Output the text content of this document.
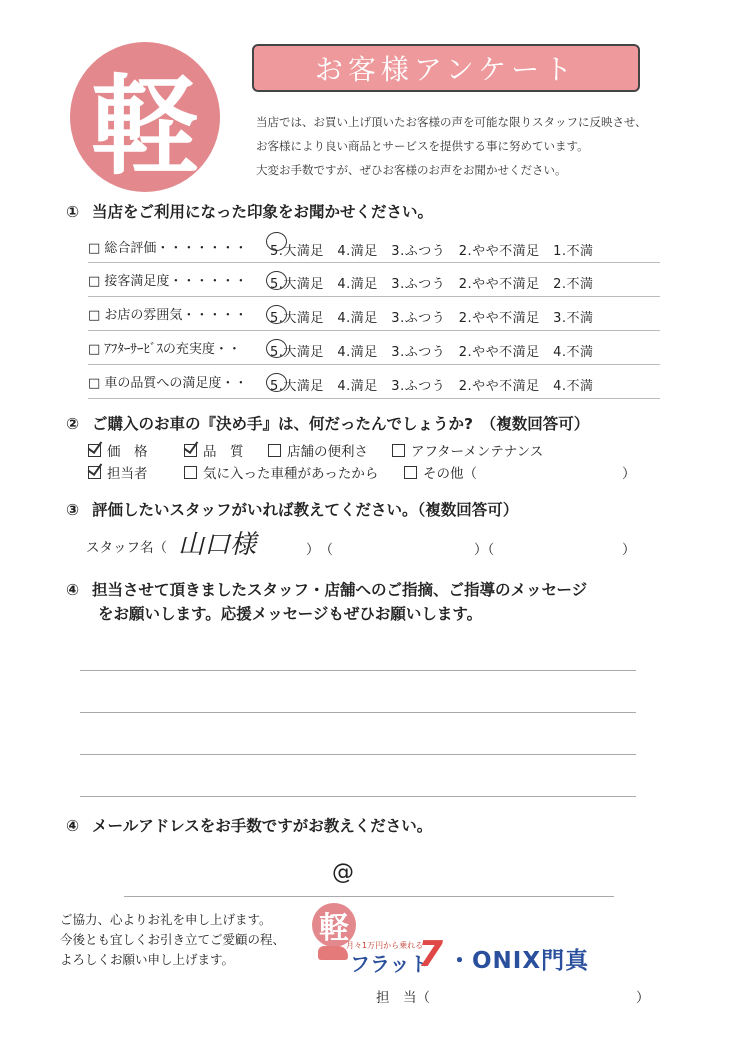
軽	お客様アンケート
当店では、お買い上げ頂いたお客様の声を可能な限りスタッフに反映させ、
お客様により良い商品とサービスを提供する事に努めています。
大変お手数ですが、ぜひお客様のお声をお聞かせください。
① 当店をご利用になった印象をお聞かせください。
□ 総合評価・・・・・・・ 5.大満足　4.満足　3.ふつう　2.やや不満足　1.不満
□ 接客満足度・・・・・・ 5.大満足　4.満足　3.ふつう　2.やや不満足　2.不満
□ お店の雰囲気・・・・・ 5.大満足　4.満足　3.ふつう　2.やや不満足　3.不満
□ ｱﾌﾀｰｻｰﾋﾞｽの充実度・・ 5.大満足　4.満足　3.ふつう　2.やや不満足　4.不満
□ 車の品質への満足度・・ 5.大満足　4.満足　3.ふつう　2.やや不満足　4.不満
② ご購入のお車の『決め手』は、何だったんでしょうか?　（複数回答可）
価　格	品　質	店舗の便利さ	アフターメンテナンス
担当者	気に入った車種があったから	その他（	）
③ 評価したいスタッフがいれば教えてください。（複数回答可）
スタッフ名（ 山口様	）　（	）（	）
④ 担当させて頂きましたスタッフ・店舗へのご指摘、ご指導のメッセージ
をお願いします。応援メッセージもぜひお願いします。
④ メールアドレスをお手数ですがお教えください。
@
ご協力、心よりお礼を申し上げます。
今後とも宜しくお引き立てご愛顧の程、
よろしくお願い申し上げます。
軽
月々1万円から乗れる
フラット
7 ・ONIX門真
担　当（	）
